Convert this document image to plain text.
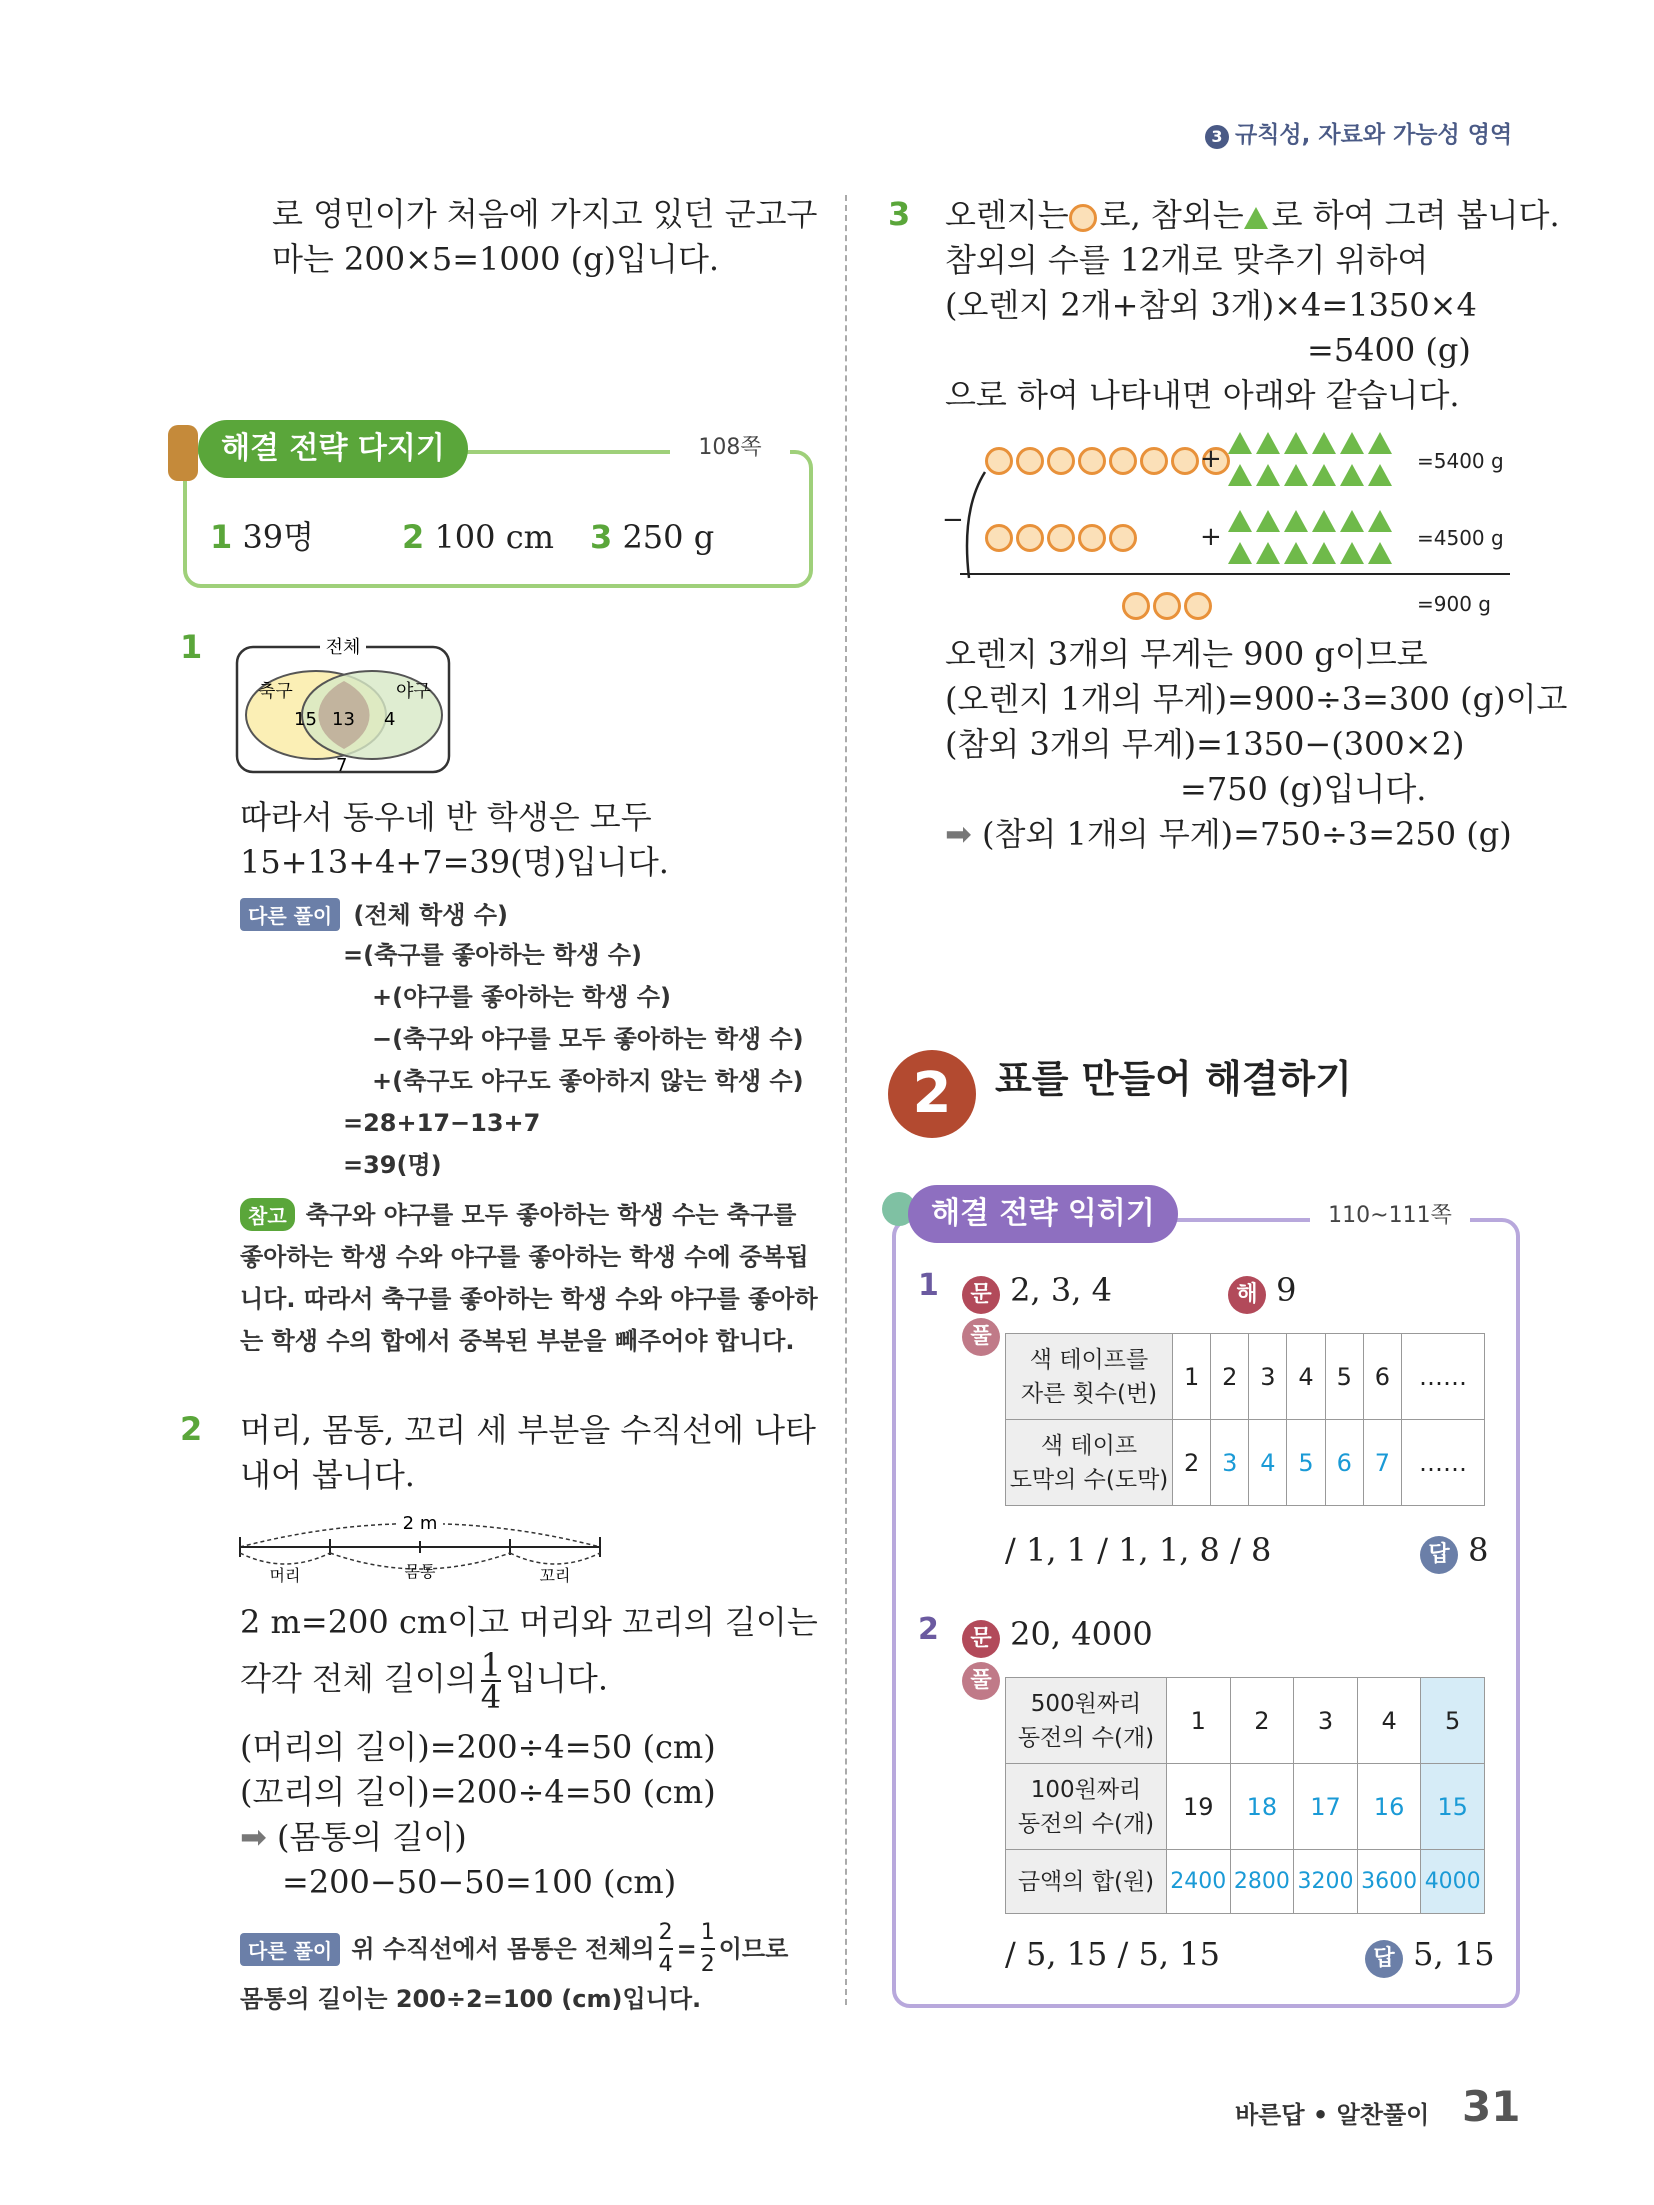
3 규칙성, 자료와 가능성 영역
로 영민이가 처음에 가지고 있던 군고구
마는 200×5=1000 (g)입니다.
해결 전략 다지기	108쪽
1 39명	2 100 cm 3 250 g
1	전체
축구	야구
15 13 4
7
따라서 동우네 반 학생은 모두
15+13+4+7=39(명)입니다.
다른 풀이 (전체 학생 수)
=(축구를 좋아하는 학생 수)
+(야구를 좋아하는 학생 수)
−(축구와 야구를 모두 좋아하는 학생 수)
+(축구도 야구도 좋아하지 않는 학생 수)
=28+17−13+7
=39(명)
참고 축구와 야구를 모두 좋아하는 학생 수는 축구를
좋아하는 학생 수와 야구를 좋아하는 학생 수에 중복됩
니다. 따라서 축구를 좋아하는 학생 수와 야구를 좋아하
는 학생 수의 합에서 중복된 부분을 빼주어야 합니다.
2 머리, 몸통, 꼬리 세 부분을 수직선에 나타
내어 봅니다.
2 m
머리	몸통	꼬리
2 m=200 cm이고 머리와 꼬리의 길이는
각각 전체 길이의 $\frac{1}{4}$ 입니다.
(머리의 길이)=200÷4=50 (cm)
(꼬리의 길이)=200÷4=50 (cm)
➡ (몸통의 길이)
=200−50−50=100 (cm)
다른 풀이 위 수직선에서 몸통은 전체의 $\frac{2}{4} = \frac{1}{2}$ 이므로
몸통의 길이는 200÷2=100 (cm)입니다.
3 오렌지는 로, 참외는 로 하여 그려 봅니다.
참외의 수를 12개로 맞추기 위하여
(오렌지 2개+참외 3개)×4=1350×4
=5400 (g)
으로 하여 나타내면 아래와 같습니다.
+	=5400 g
−
+	=4500 g
=900 g
오렌지 3개의 무게는 900 g이므로
(오렌지 1개의 무게)=900÷3=300 (g)이고
(참외 3개의 무게)=1350−(300×2)
=750 (g)입니다.
➡ (참외 1개의 무게)=750÷3=250 (g)
2	표를 만들어 해결하기
해결 전략 익히기	110~111쪽
1	문 2, 3, 4	해 9
풀
색 테이프를
자른 횟수(번)	1	2	3	4	5	6	……

색 테이프
도막의 수(도막)	2	3	4	5	6	7	……
/ 1, 1 / 1, 1, 8 / 8	답 8
2	문 20, 4000
풀
500원짜리
동전의 수(개)	1	2	3	4	5

100원짜리
동전의 수(개)	19	18	17	16	15
금액의 합(원)	2400	2800	3200	3600	4000
/ 5, 15 / 5, 15	답 5, 15
바른답 • 알찬풀이 31
